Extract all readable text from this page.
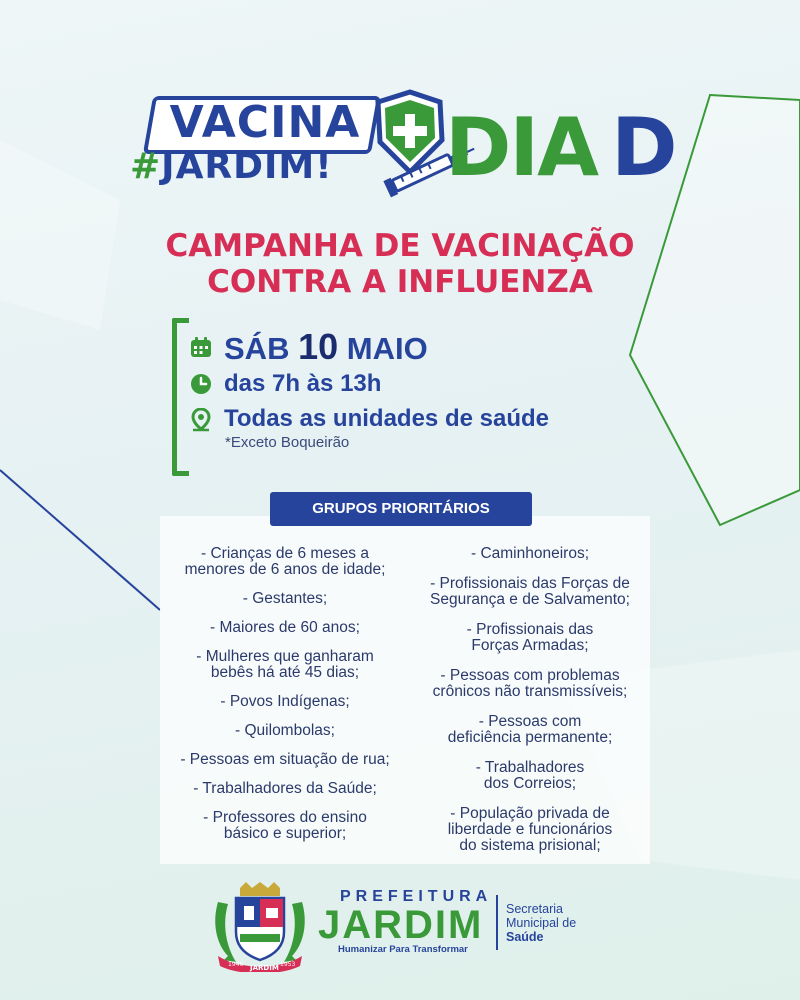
VACINA
#JARDIM! DIA D
CAMPANHA DE VACINAÇÃO
CONTRA A INFLUENZA
SÁB 10 MAIO
das 7h às 13h
Todas as unidades de saúde
*Exceto Boqueirão
GRUPOS PRIORITÁRIOS
- Crianças de 6 meses a
menores de 6 anos de idade;
- Gestantes;
- Maiores de 60 anos;
- Mulheres que ganharam
bebês há até 45 dias;
- Povos Indígenas;
- Quilombolas;
- Pessoas em situação de rua;
- Trabalhadores da Saúde;
- Professores do ensino
básico e superior;
- Caminhoneiros;
- Profissionais das Forças de
Segurança e de Salvamento;
- Profissionais das
Forças Armadas;
- Pessoas com problemas
crônicos não transmissíveis;
- Pessoas com
deficiência permanente;
- Trabalhadores
dos Correios;
- População privada de
liberdade e funcionários
do sistema prisional;
1946 JARDIM 1953
PREFEITURA
JARDIM
Humanizar Para Transformar
Secretaria
Municipal de
Saúde
